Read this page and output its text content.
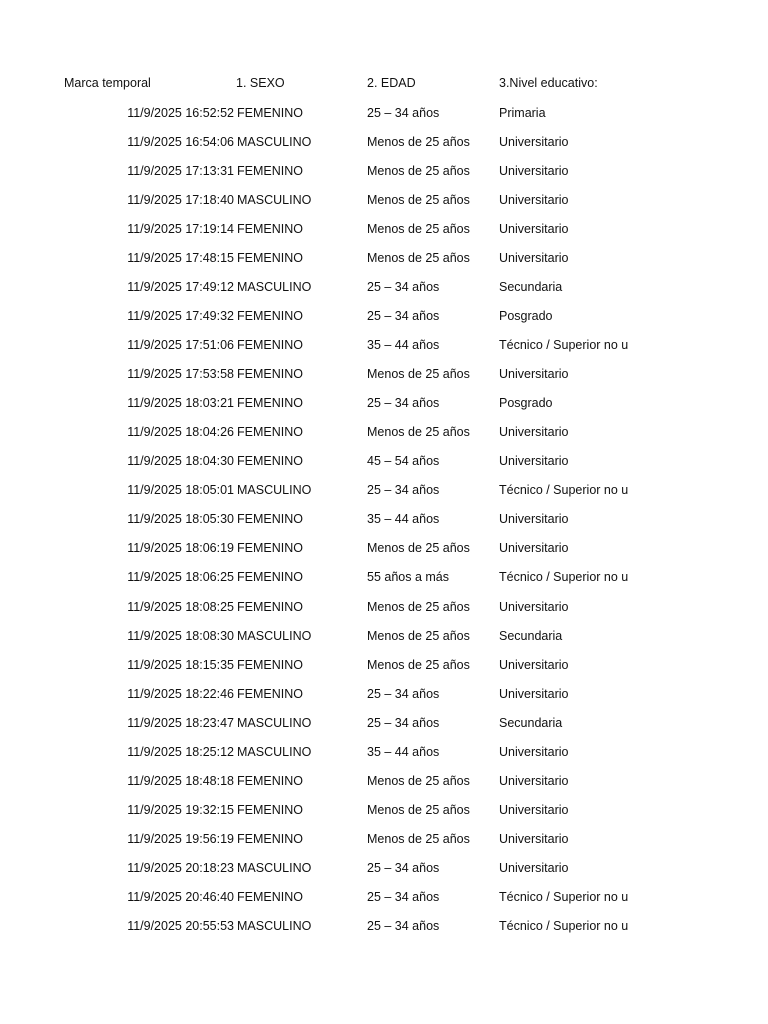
Marca temporal	1. SEXO	2. EDAD	3.Nivel educativo:
11/9/2025 16:52:52 FEMENINO	25 – 34 años	Primaria
11/9/2025 16:54:06 MASCULINO	Menos de 25 años	Universitario
11/9/2025 17:13:31 FEMENINO	Menos de 25 años	Universitario
11/9/2025 17:18:40 MASCULINO	Menos de 25 años	Universitario
11/9/2025 17:19:14 FEMENINO	Menos de 25 años	Universitario
11/9/2025 17:48:15 FEMENINO	Menos de 25 años	Universitario
11/9/2025 17:49:12 MASCULINO	25 – 34 años	Secundaria
11/9/2025 17:49:32 FEMENINO	25 – 34 años	Posgrado
11/9/2025 17:51:06 FEMENINO	35 – 44 años	Técnico / Superior no u
11/9/2025 17:53:58 FEMENINO	Menos de 25 años	Universitario
11/9/2025 18:03:21 FEMENINO	25 – 34 años	Posgrado
11/9/2025 18:04:26 FEMENINO	Menos de 25 años	Universitario
11/9/2025 18:04:30 FEMENINO	45 – 54 años	Universitario
11/9/2025 18:05:01 MASCULINO	25 – 34 años	Técnico / Superior no u
11/9/2025 18:05:30 FEMENINO	35 – 44 años	Universitario
11/9/2025 18:06:19 FEMENINO	Menos de 25 años	Universitario
11/9/2025 18:06:25 FEMENINO	55 años a más	Técnico / Superior no u
11/9/2025 18:08:25 FEMENINO	Menos de 25 años	Universitario
11/9/2025 18:08:30 MASCULINO	Menos de 25 años	Secundaria
11/9/2025 18:15:35 FEMENINO	Menos de 25 años	Universitario
11/9/2025 18:22:46 FEMENINO	25 – 34 años	Universitario
11/9/2025 18:23:47 MASCULINO	25 – 34 años	Secundaria
11/9/2025 18:25:12 MASCULINO	35 – 44 años	Universitario
11/9/2025 18:48:18 FEMENINO	Menos de 25 años	Universitario
11/9/2025 19:32:15 FEMENINO	Menos de 25 años	Universitario
11/9/2025 19:56:19 FEMENINO	Menos de 25 años	Universitario
11/9/2025 20:18:23 MASCULINO	25 – 34 años	Universitario
11/9/2025 20:46:40 FEMENINO	25 – 34 años	Técnico / Superior no u
11/9/2025 20:55:53 MASCULINO	25 – 34 años	Técnico / Superior no u
